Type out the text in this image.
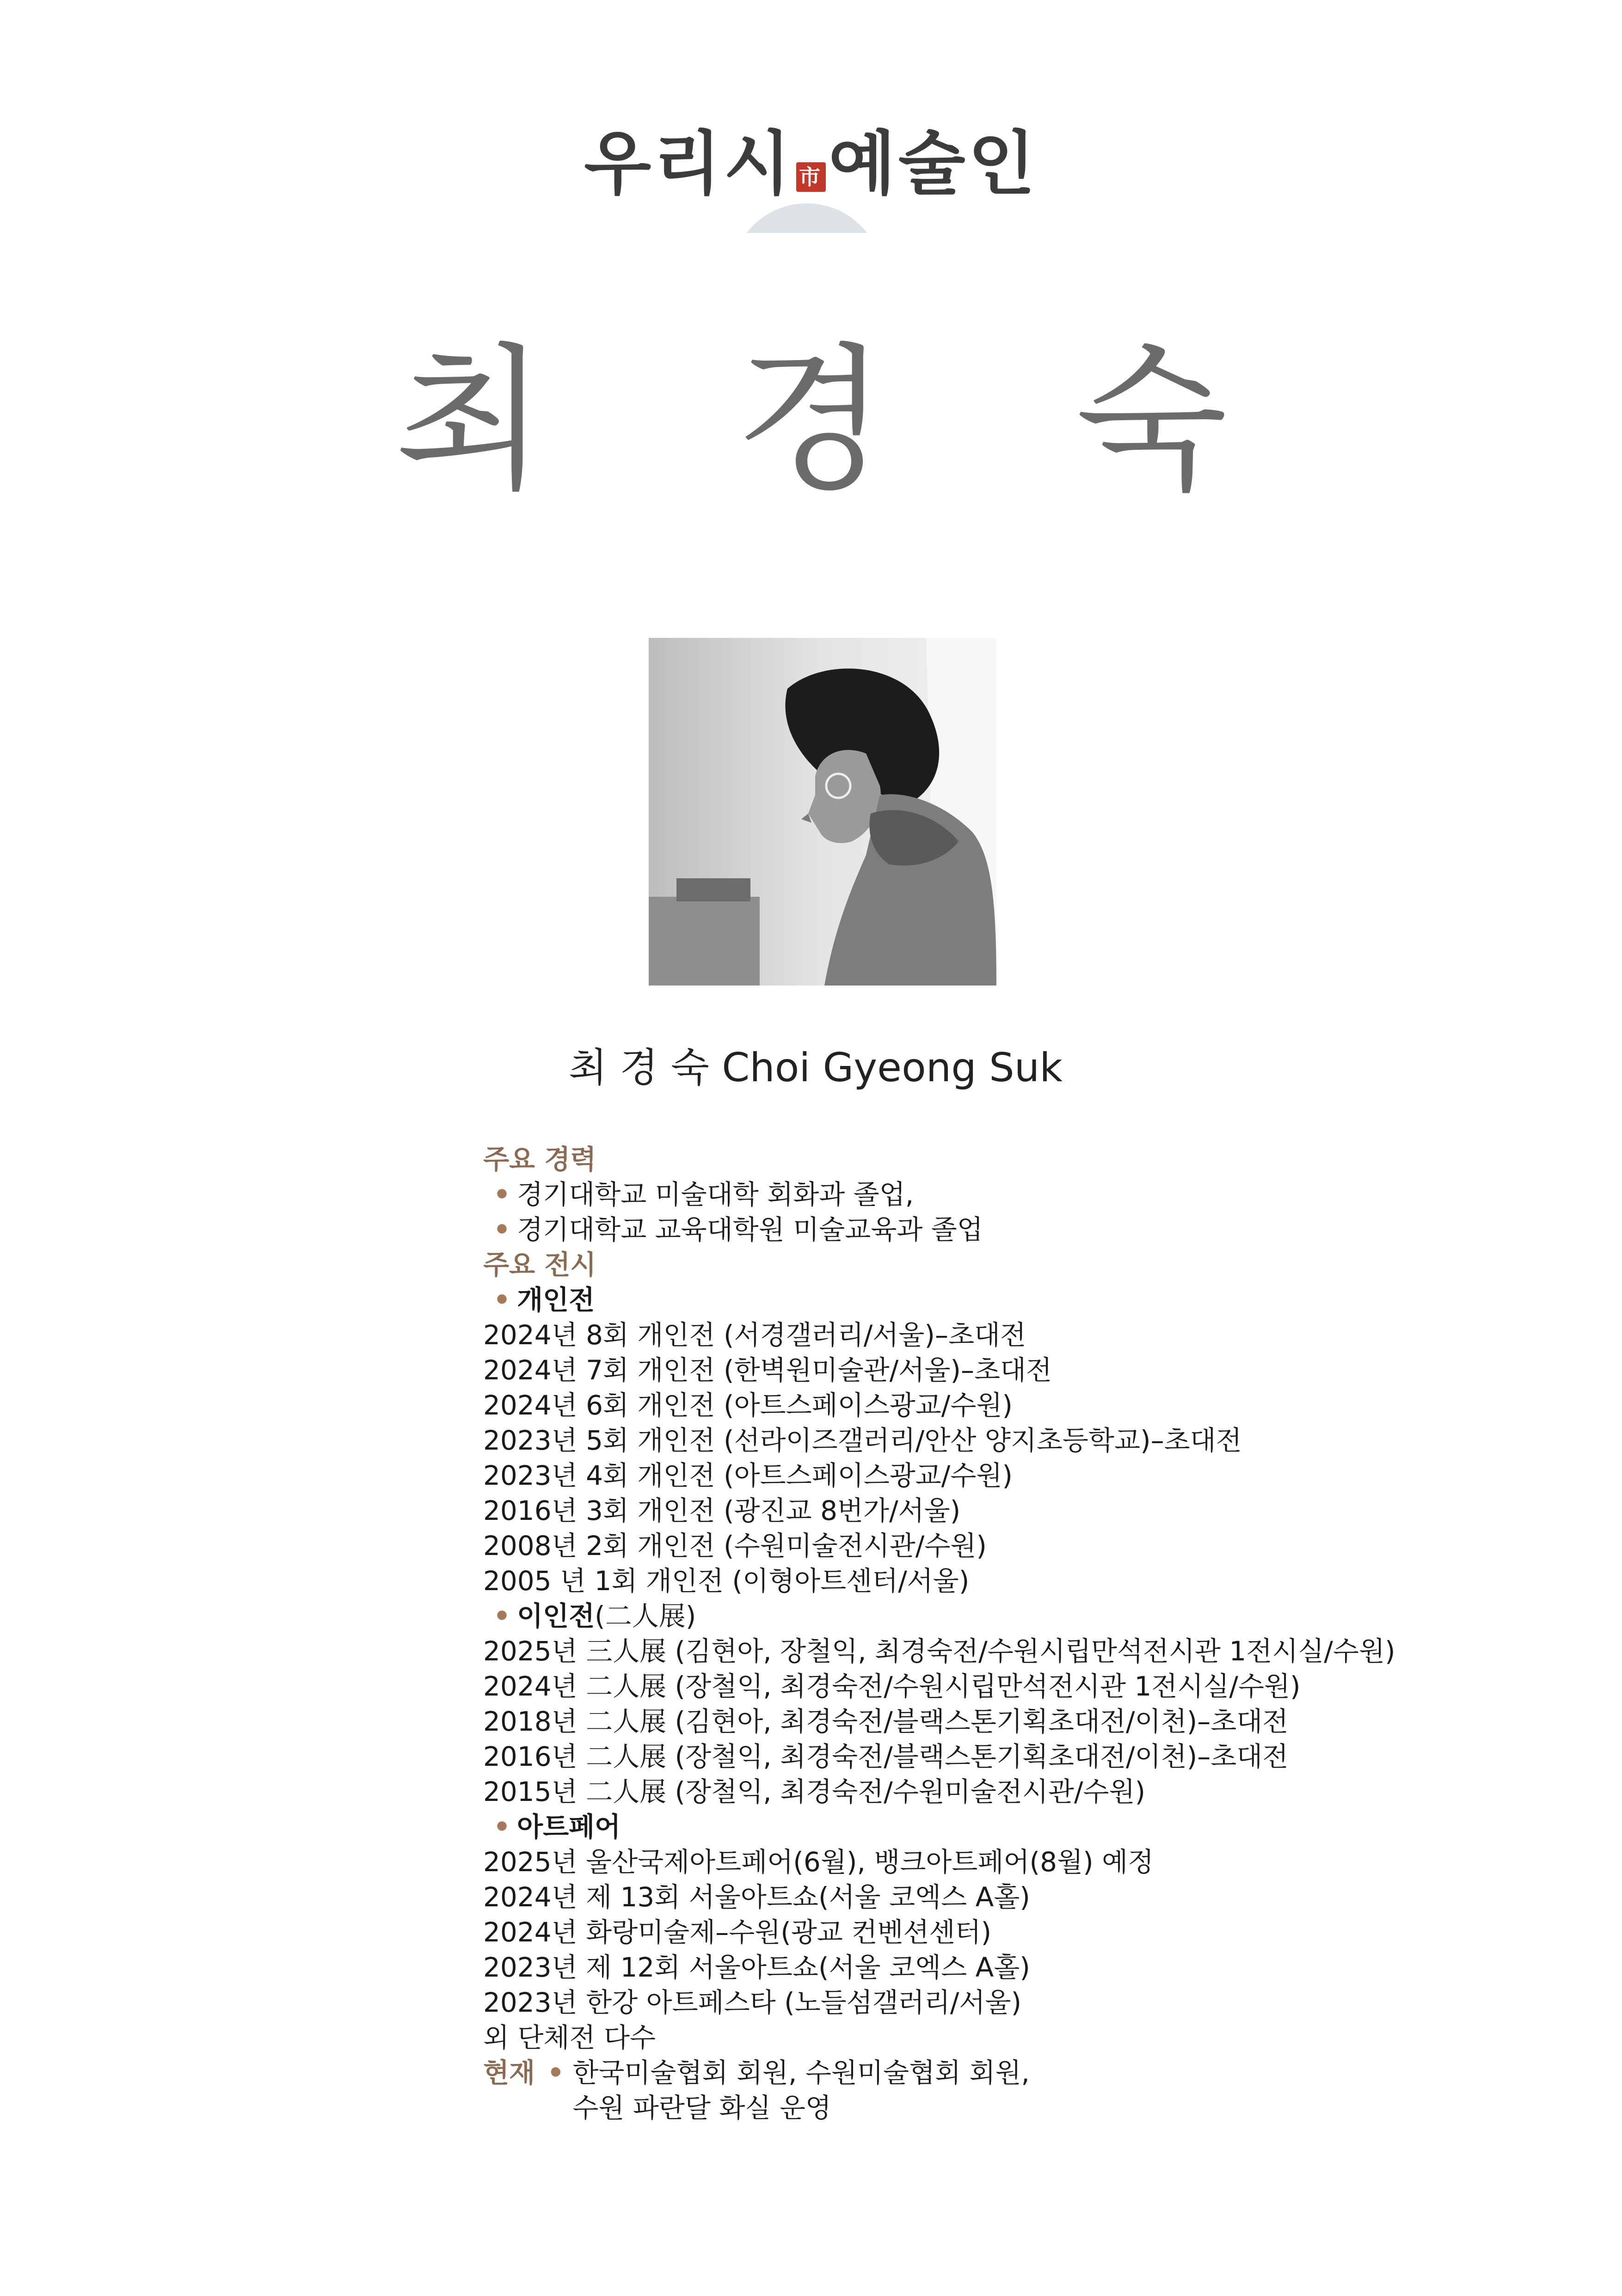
우리시 市예술인
최 경 숙
최 경 숙 Choi Gyeong Suk
주요 경력
• 경기대학교 미술대학 회화과 졸업,
• 경기대학교 교육대학원 미술교육과 졸업
주요 전시
• 개인전
2024년 8회 개인전 (서경갤러리/서울)–초대전
2024년 7회 개인전 (한벽원미술관/서울)–초대전
2024년 6회 개인전 (아트스페이스광교/수원)
2023년 5회 개인전 (선라이즈갤러리/안산 양지초등학교)–초대전
2023년 4회 개인전 (아트스페이스광교/수원)
2016년 3회 개인전 (광진교 8번가/서울)
2008년 2회 개인전 (수원미술전시관/수원)
2005 년 1회 개인전 (이형아트센터/서울)
• 이인전(二人展)
2025년 三人展 (김현아, 장철익, 최경숙전/수원시립만석전시관 1전시실/수원)
2024년 二人展 (장철익, 최경숙전/수원시립만석전시관 1전시실/수원)
2018년 二人展 (김현아, 최경숙전/블랙스톤기획초대전/이천)–초대전
2016년 二人展 (장철익, 최경숙전/블랙스톤기획초대전/이천)–초대전
2015년 二人展 (장철익, 최경숙전/수원미술전시관/수원)
• 아트페어
2025년 울산국제아트페어(6월), 뱅크아트페어(8월) 예정
2024년 제 13회 서울아트쇼(서울 코엑스 A홀)
2024년 화랑미술제–수원(광교 컨벤션센터)
2023년 제 12회 서울아트쇼(서울 코엑스 A홀)
2023년 한강 아트페스타 (노들섬갤러리/서울)
외 단체전 다수
현재 • 한국미술협회 회원, 수원미술협회 회원,
수원 파란달 화실 운영
